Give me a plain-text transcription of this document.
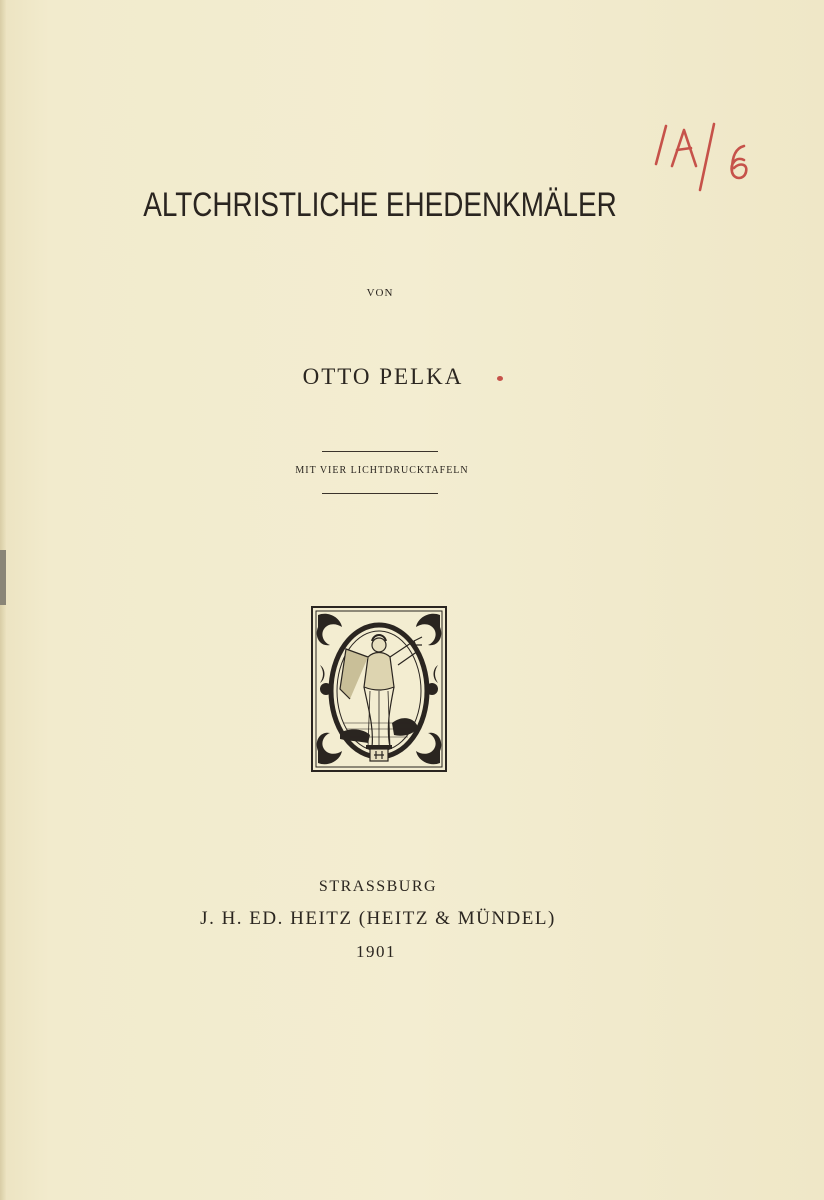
ALTCHRISTLICHE EHEDENKMÄLER
VON
OTTO PELKA
MIT VIER LICHTDRUCKTAFELN
STRASSBURG
J. H. ED. HEITZ (HEITZ & MÜNDEL)
1901
